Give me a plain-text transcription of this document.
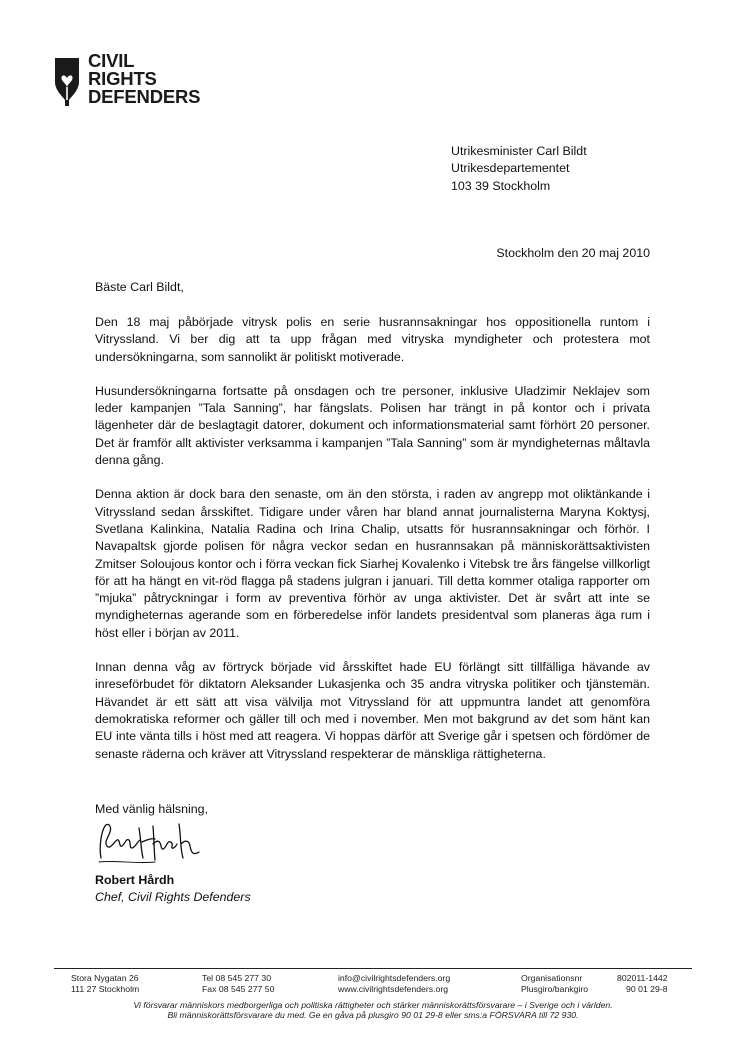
CIVIL
RIGHTS
DEFENDERS
Utrikesminister Carl Bildt
Utrikesdepartementet
103 39 Stockholm
Stockholm den 20 maj 2010
Bäste Carl Bildt,

Den 18 maj påbörjade vitrysk polis en serie husrannsakningar hos oppositionella runtom i Vitryssland. Vi ber dig att ta upp frågan med vitryska myndigheter och protestera mot undersökningarna, som sannolikt är politiskt motiverade.

Husundersökningarna fortsatte på onsdagen och tre personer, inklusive Uladzimir Neklajev som leder kampanjen ”Tala Sanning”, har fängslats. Polisen har trängt in på kontor och i privata lägenheter där de beslagtagit datorer, dokument och informationsmaterial samt förhört 20 personer. Det är framför allt aktivister verksamma i kampanjen ”Tala Sanning” som är myndigheternas måltavla denna gång.

Denna aktion är dock bara den senaste, om än den största, i raden av angrepp mot oliktänkande i Vitryssland sedan årsskiftet. Tidigare under våren har bland annat journalisterna Maryna Koktysj, Svetlana Kalinkina, Natalia Radina och Irina Chalip, utsatts för husrannsakningar och förhör. I Navapaltsk gjorde polisen för några veckor sedan en husrannsakan på människorättsaktivisten Zmitser Soloujous kontor och i förra veckan fick Siarhej Kovalenko i Vitebsk tre års fängelse villkorligt för att ha hängt en vit-röd flagga på stadens julgran i januari. Till detta kommer otaliga rapporter om ”mjuka” påtryckningar i form av preventiva förhör av unga aktivister. Det är svårt att inte se myndigheternas agerande som en förberedelse inför landets presidentval som planeras äga rum i höst eller i början av 2011.

Innan denna våg av förtryck började vid årsskiftet hade EU förlängt sitt tillfälliga hävande av inreseförbudet för diktatorn Aleksander Lukasjenka och 35 andra vitryska politiker och tjänstemän. Hävandet är ett sätt att visa välvilja mot Vitryssland för att uppmuntra landet att genomföra demokratiska reformer och gäller till och med i november. Men mot bakgrund av det som hänt kan EU inte vänta tills i höst med att reagera. Vi hoppas därför att Sverige går i spetsen och fördömer de senaste räderna och kräver att Vitryssland respekterar de mänskliga rättigheterna.

Med vänlig hälsning,
Robert Hårdh
Chef, Civil Rights Defenders
Stora Nygatan 26
111 27 Stockholm
Tel 08 545 277 30
Fax 08 545 277 50
info@civilrightsdefenders.org
www.civilrightsdefenders.org
Organisationsnr
Plusgiro/bankgiro
802011-1442
90 01 29-8
Vi försvarar människors medborgerliga och politiska rättigheter och stärker människorättsförsvarare – i Sverige och i världen.
Bli människorättsförsvarare du med. Ge en gåva på plusgiro 90 01 29-8 eller sms:a FÖRSVARA till 72 930.
